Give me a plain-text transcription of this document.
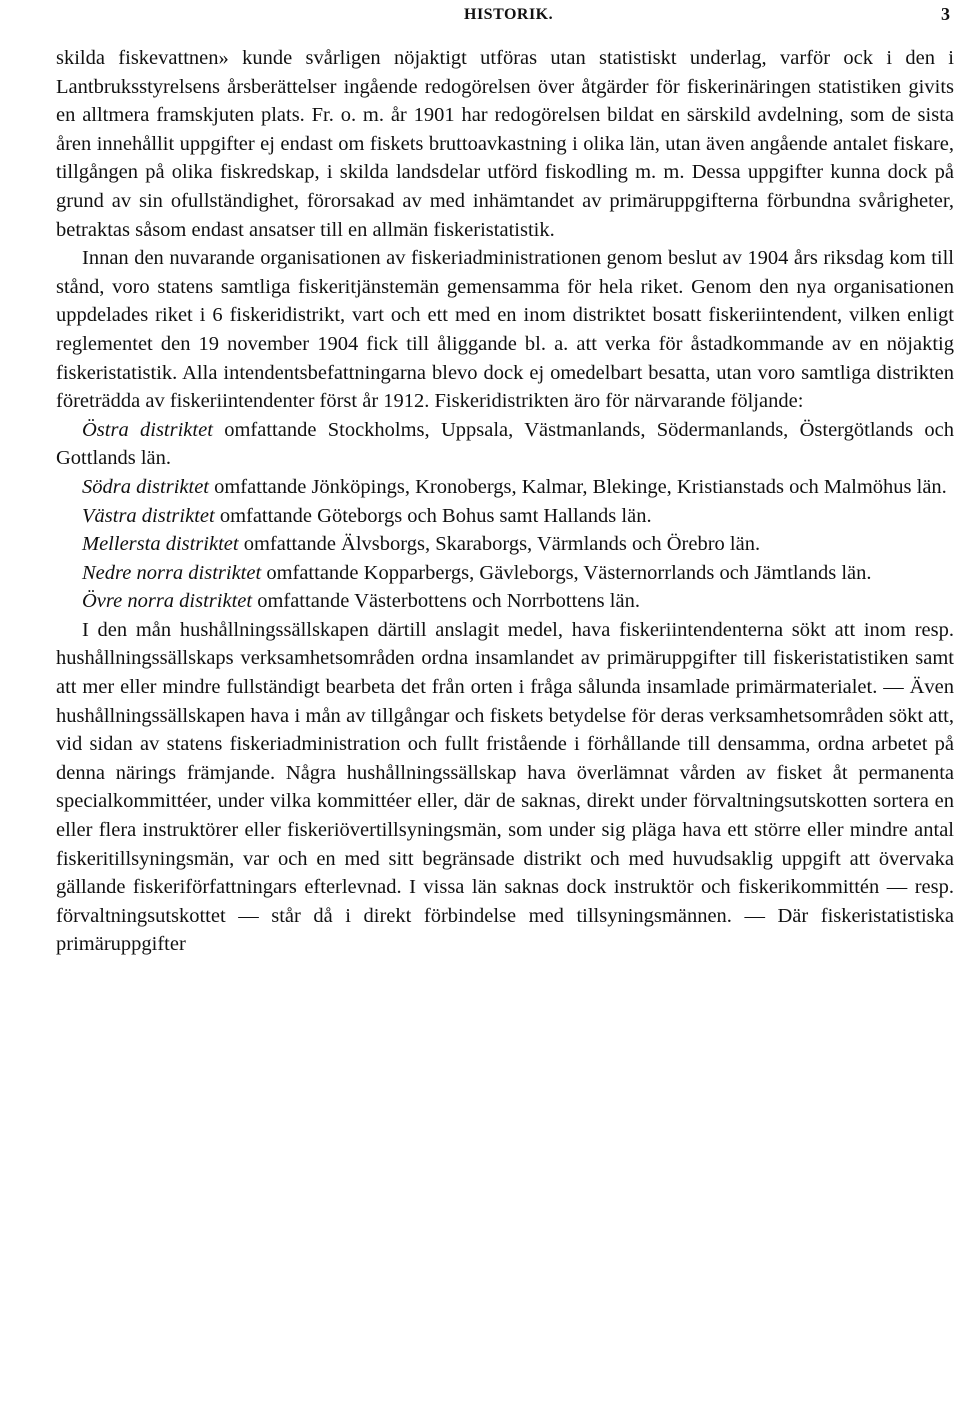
HISTORIK.	3

skilda fiskevattnen» kunde svårligen nöjaktigt utföras utan statistiskt underlag, varför ock i den i Lantbruksstyrelsens årsberättelser ingående redogörelsen över åtgärder för fiskerinäringen statistiken givits en alltmera framskjuten plats. Fr. o. m. år 1901 har redogörelsen bildat en särskild avdelning, som de sista åren innehållit uppgifter ej endast om fiskets bruttoavkastning i olika län, utan även angående antalet fiskare, tillgången på olika fiskredskap, i skilda landsdelar utförd fiskodling m. m. Dessa uppgifter kunna dock på grund av sin ofullständighet, förorsakad av med inhämtandet av primäruppgifterna förbundna svårigheter, betraktas såsom endast ansatser till en allmän fiskeristatistik.

Innan den nuvarande organisationen av fiskeriadministrationen genom beslut av 1904 års riksdag kom till stånd, voro statens samtliga fiskeritjänstemän gemensamma för hela riket. Genom den nya organisationen uppdelades riket i 6 fiskeridistrikt, vart och ett med en inom distriktet bosatt fiskeriintendent, vilken enligt reglementet den 19 november 1904 fick till åliggande bl. a. att verka för åstadkommande av en nöjaktig fiskeristatistik. Alla intendentsbefattningarna blevo dock ej omedelbart besatta, utan voro samtliga distrikten företrädda av fiskeriintendenter först år 1912. Fiskeridistrikten äro för närvarande följande:

Östra distriktet omfattande Stockholms, Uppsala, Västmanlands, Södermanlands, Östergötlands och Gottlands län.

Södra distriktet omfattande Jönköpings, Kronobergs, Kalmar, Blekinge, Kristianstads och Malmöhus län.

Västra distriktet omfattande Göteborgs och Bohus samt Hallands län.

Mellersta distriktet omfattande Älvsborgs, Skaraborgs, Värmlands och Örebro län.

Nedre norra distriktet omfattande Kopparbergs, Gävleborgs, Västernorrlands och Jämtlands län.

Övre norra distriktet omfattande Västerbottens och Norrbottens län.

I den mån hushållningssällskapen därtill anslagit medel, hava fiskeriintendenterna sökt att inom resp. hushållningssällskaps verksamhetsområden ordna insamlandet av primäruppgifter till fiskeristatistiken samt att mer eller mindre fullständigt bearbeta det från orten i fråga sålunda insamlade primärmaterialet. — Även hushållningssällskapen hava i mån av tillgångar och fiskets betydelse för deras verksamhetsområden sökt att, vid sidan av statens fiskeriadministration och fullt fristående i förhållande till densamma, ordna arbetet på denna närings främjande. Några hushållningssällskap hava överlämnat vården av fisket åt permanenta specialkommittéer, under vilka kommittéer eller, där de saknas, direkt under förvaltningsutskotten sortera en eller flera instruktörer eller fiskeriövertillsyningsmän, som under sig pläga hava ett större eller mindre antal fiskeritillsyningsmän, var och en med sitt begränsade distrikt och med huvudsaklig uppgift att övervaka gällande fiskeriförfattningars efterlevnad. I vissa län saknas dock instruktör och fiskerikommittén — resp. förvaltningsutskottet — står då i direkt förbindelse med tillsyningsmännen. — Där fiskeristatistiska primäruppgifter
